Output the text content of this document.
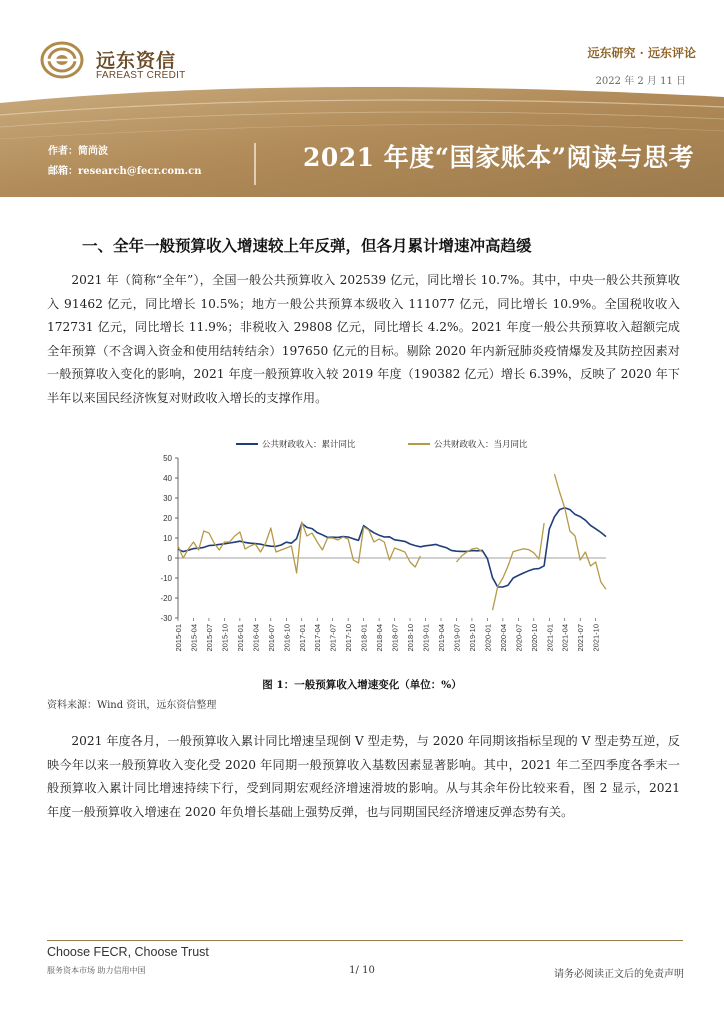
远东资信
FAREAST CREDIT
远东研究 · 远东评论
2022 年 2 月 11 日
作者：简尚波
邮箱：research@fecr.com.cn	2021 年度“国家账本”阅读与思考
一、全年一般预算收入增速较上年反弹，但各月累计增速冲高趋缓
2021 年（简称“全年”），全国一般公共预算收入 202539 亿元，同比增长 10.7%。其中，中央一般公共预算收入 91462 亿元，同比增长 10.5%；地方一般公共预算本级收入 111077 亿元，同比增长 10.9%。全国税收收入 172731 亿元，同比增长 11.9%；非税收入 29808 亿元，同比增长 4.2%。2021 年度一般公共预算收入超额完成全年预算（不含调入资金和使用结转结余）197650 亿元的目标。剔除 2020 年内新冠肺炎疫情爆发及其防控因素对一般预算收入变化的影响，2021 年度一般预算收入较 2019 年度（190382 亿元）增长 6.39%，反映了 2020 年下半年以来国民经济恢复对财政收入增长的支撑作用。
公共财政收入：累计同比	公共财政收入：当月同比
50
40
30
20
10
0
-10
-20
-30
2015-01 2015-04 2015-07 2015-10 2016-01 2016-04 2016-07 2016-10 2017-01 2017-04 2017-07 2017-10 2018-01 2018-04 2018-07 2018-10 2019-01 2019-04 2019-07 2019-10 2020-01 2020-04 2020-07 2020-10 2021-01 2021-04 2021-07 2021-10
图 1：一般预算收入增速变化（单位：%）
资料来源：Wind 资讯，远东资信整理
2021 年度各月，一般预算收入累计同比增速呈现倒 V 型走势，与 2020 年同期该指标呈现的 V 型走势互逆，反映今年以来一般预算收入变化受 2020 年同期一般预算收入基数因素显著影响。其中，2021 年二至四季度各季末一般预算收入累计同比增速持续下行，受到同期宏观经济增速滑坡的影响。从与其余年份比较来看，图 2 显示，2021 年度一般预算收入增速在 2020 年负增长基础上强势反弹，也与同期国民经济增速反弹态势有关。
Choose FECR, Choose Trust
服务资本市场 助力信用中国	1/ 10	请务必阅读正文后的免责声明
